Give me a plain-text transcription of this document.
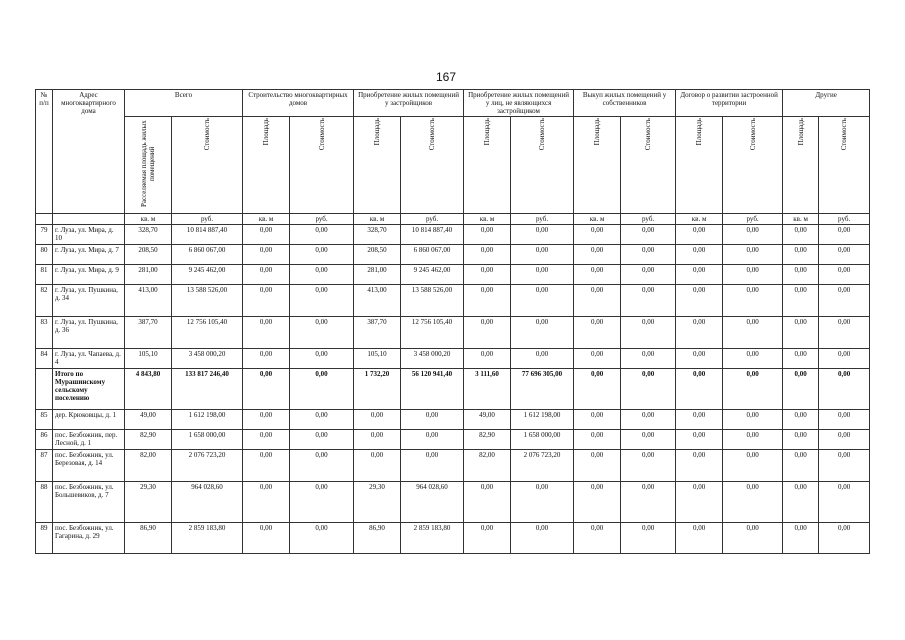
167
№ п/п	Адрес многоквартирного дома	Всего		Строительство многоквартирных домов		Приобретение жилых помещений у застройщиков		Приобретение жилых помещений у лиц, не являющихся застройщиком		Выкуп жилых помещений у собственников		Договор о развитии застроенной территории		Другие	
		Расселяемая площадь жилых помещений	Стоимость	Площадь	Стоимость	Площадь	Стоимость	Площадь	Стоимость	Площадь	Стоимость	Площадь	Стоимость	Площадь	Стоимость
		кв. м	руб.	кв. м	руб.	кв. м	руб.	кв. м	руб.	кв. м	руб.	кв. м	руб.	кв. м	руб.
79	г. Луза, ул. Мира, д. 10	328,70	10 814 887,40	0,00	0,00	328,70	10 814 887,40	0,00	0,00	0,00	0,00	0,00	0,00	0,00	0,00
80	г. Луза, ул. Мира, д. 7	208,50	6 860 067,00	0,00	0,00	208,50	6 860 067,00	0,00	0,00	0,00	0,00	0,00	0,00	0,00	0,00
81	г. Луза, ул. Мира, д. 9	281,00	9 245 462,00	0,00	0,00	281,00	9 245 462,00	0,00	0,00	0,00	0,00	0,00	0,00	0,00	0,00
82	г. Луза, ул. Пушкина, д. 34	413,00	13 588 526,00	0,00	0,00	413,00	13 588 526,00	0,00	0,00	0,00	0,00	0,00	0,00	0,00	0,00
83	г. Луза, ул. Пушкина, д. 36	387,70	12 756 105,40	0,00	0,00	387,70	12 756 105,40	0,00	0,00	0,00	0,00	0,00	0,00	0,00	0,00
84	г. Луза, ул. Чапаева, д. 4	105,10	3 458 000,20	0,00	0,00	105,10	3 458 000,20	0,00	0,00	0,00	0,00	0,00	0,00	0,00	0,00
	Итого по Мурашинскому сельскому поселению	4 843,80	133 817 246,40	0,00	0,00	1 732,20	56 120 941,40	3 111,60	77 696 305,00	0,00	0,00	0,00	0,00	0,00	0,00
85	дер. Крюковщы, д. 1	49,00	1 612 198,00	0,00	0,00	0,00	0,00	49,00	1 612 198,00	0,00	0,00	0,00	0,00	0,00	0,00
86	пос. Безбожник, пер. Лесной, д. 1	82,90	1 658 000,00	0,00	0,00	0,00	0,00	82,90	1 658 000,00	0,00	0,00	0,00	0,00	0,00	0,00
87	пос. Безбожник, ул. Березовая, д. 14	82,00	2 076 723,20	0,00	0,00	0,00	0,00	82,00	2 076 723,20	0,00	0,00	0,00	0,00	0,00	0,00
88	пос. Безбожник, ул. Большевиков, д. 7	29,30	964 028,60	0,00	0,00	29,30	964 028,60	0,00	0,00	0,00	0,00	0,00	0,00	0,00	0,00
89	пос. Безбожник, ул. Гагарина, д. 29	86,90	2 859 183,80	0,00	0,00	86,90	2 859 183,80	0,00	0,00	0,00	0,00	0,00	0,00	0,00	0,00
